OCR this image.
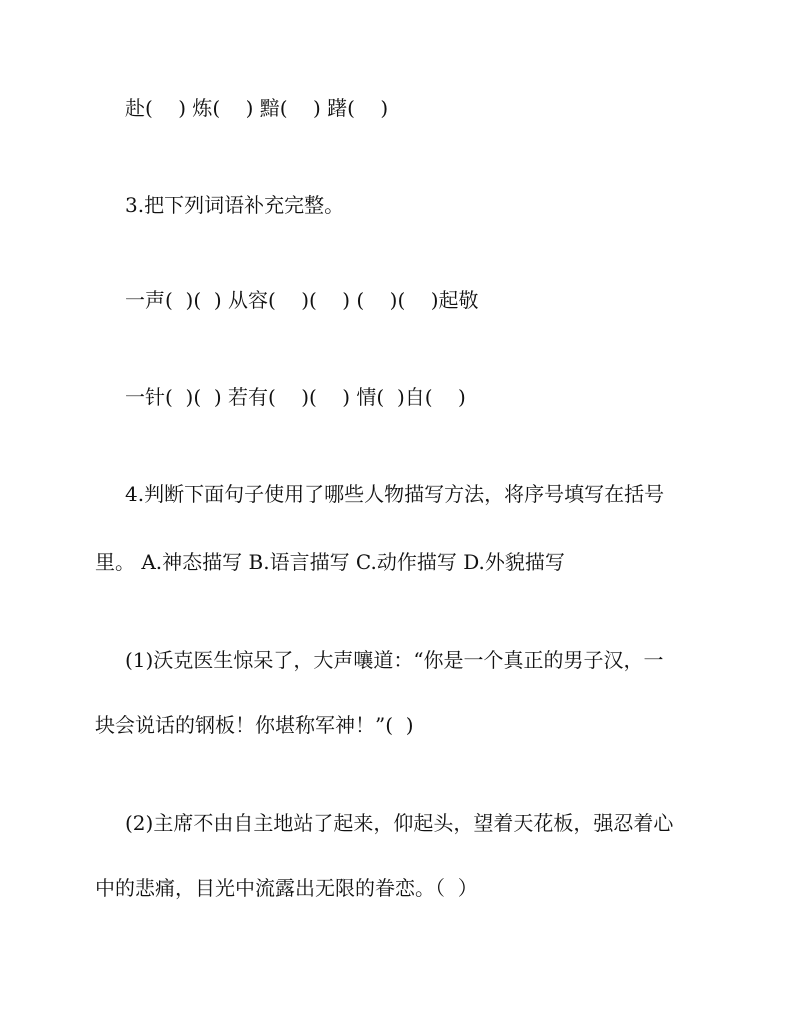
赴(    ) 炼(    ) 黯(    ) 躇(    )
3.把下列词语补充完整。
一声(  )(  ) 从容(    )(    ) (    )(    )起敬
一针(  )(  ) 若有(    )(    ) 情(  )自(    )
4.判断下面句子使用了哪些人物描写方法，将序号填写在括号
里。 A.神态描写 B.语言描写 C.动作描写 D.外貌描写
(1)沃克医生惊呆了，大声嚷道：“你是一个真正的男子汉，一
块会说话的钢板！你堪称军神！”(  )
(2)主席不由自主地站了起来，仰起头，望着天花板，强忍着心
中的悲痛，目光中流露出无限的眷恋。（  ）
